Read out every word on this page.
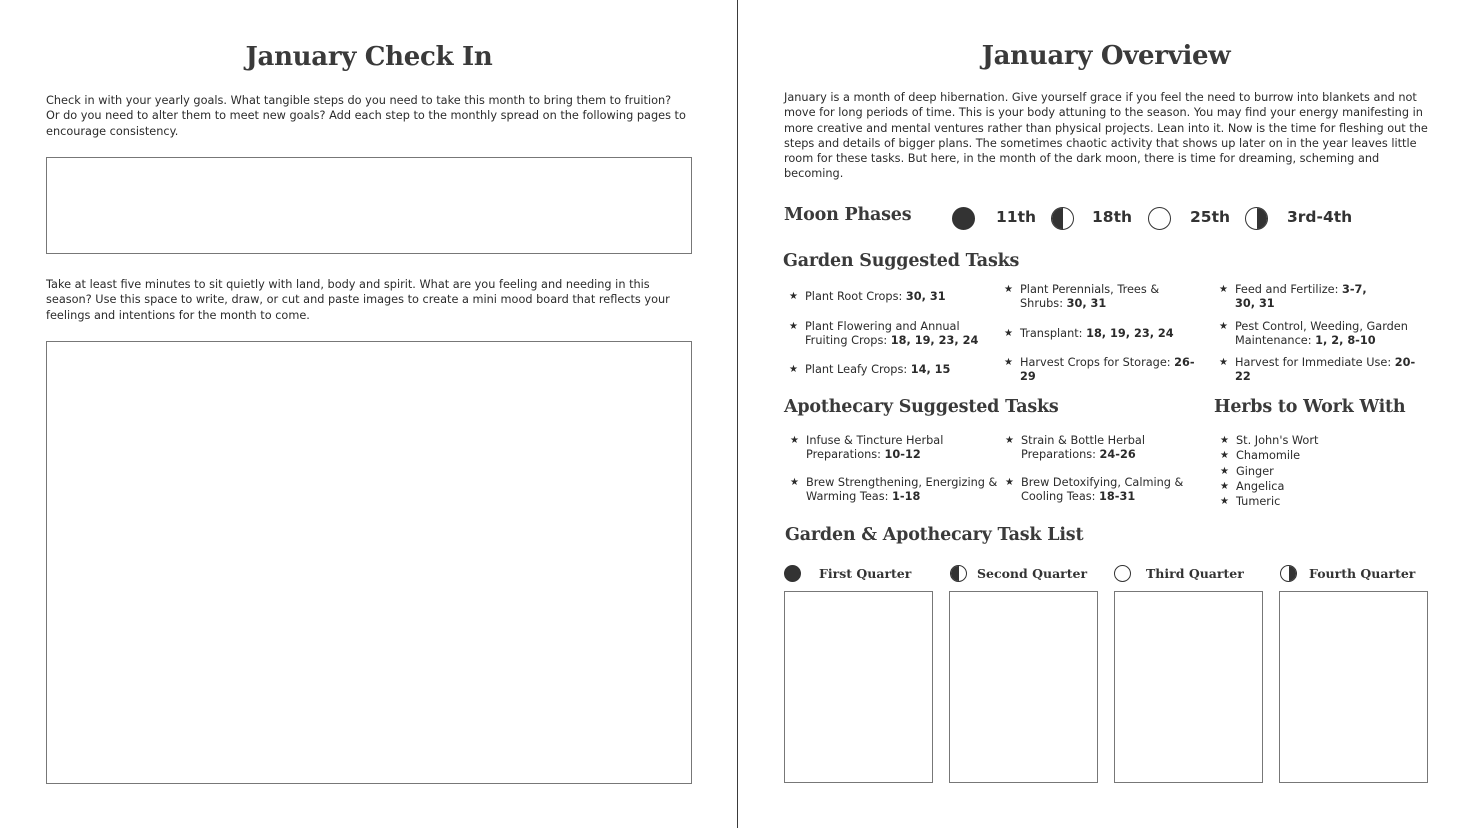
January Check In

Check in with your yearly goals. What tangible steps do you need to take this month to bring them to fruition? Or do you need to alter them to meet new goals? Add each step to the monthly spread on the following pages to encourage consistency.

Take at least five minutes to sit quietly with land, body and spirit. What are you feeling and needing in this season? Use this space to write, draw, or cut and paste images to create a mini mood board that reflects your feelings and intentions for the month to come.

January Overview

January is a month of deep hibernation. Give yourself grace if you feel the need to burrow into blankets and not move for long periods of time. This is your body attuning to the season. You may find your energy manifesting in more creative and mental ventures rather than physical projects. Lean into it. Now is the time for fleshing out the steps and details of bigger plans. The sometimes chaotic activity that shows up later on in the year leaves little room for these tasks. But here, in the month of the dark moon, there is time for dreaming, scheming and becoming.

Moon Phases	11th	18th	25th	3rd-4th
Garden Suggested Tasks
★ Plant Root Crops: 30, 31
★ Plant Perennials, Trees & Shrubs: 30, 31
★ Feed and Fertilize: 3-7, 30, 31
★ Plant Flowering and Annual Fruiting Crops: 18, 19, 23, 24
★ Transplant: 18, 19, 23, 24
★ Pest Control, Weeding, Garden Maintenance: 1, 2, 8-10
★ Plant Leafy Crops: 14, 15
★ Harvest Crops for Storage: 26-29
★ Harvest for Immediate Use: 20-22
Apothecary Suggested Tasks
★ Infuse & Tincture Herbal Preparations: 10-12
★ Strain & Bottle Herbal Preparations: 24-26
★ Brew Strengthening, Energizing & Warming Teas: 1-18
★ Brew Detoxifying, Calming & Cooling Teas: 18-31
Herbs to Work With
★ St. John's Wort
★ Chamomile
★ Ginger
★ Angelica
★ Tumeric
Garden & Apothecary Task List
First Quarter	Second Quarter	Third Quarter	Fourth Quarter
